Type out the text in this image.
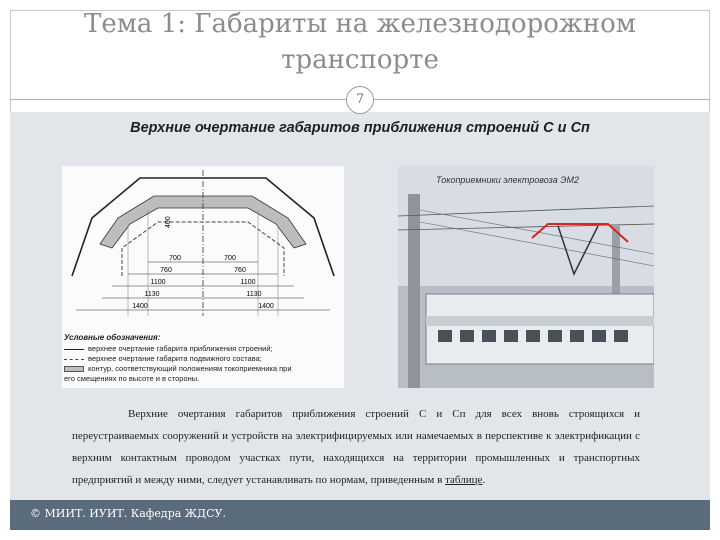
Тема 1: Габариты на железнодорожном
транспорте
7
Верхние очертание габаритов приближения строений С и Сп
700	700
760	760
1100	1100
1130	1130
1400	1400
400
Условные обозначения:
верхнее очертание габарита приближения строений;
верхнее очертание габарита подвижного состава;
контур, соответствующий положениям токоприемника при
его смещениях по высоте и в стороны.
Токоприемники электровоза ЭМ2

Верхние очертания габаритов приближения строений С и Сп для всех вновь строящихся и переустраиваемых сооружений и устройств на электрифицируемых или намечаемых в перспективе к электрификации с верхним контактным проводом участках пути, находящихся на территории промышленных и транспортных предприятий и между ними, следует устанавливать по нормам, приведенным в таблице.

© МИИТ. ИУИТ. Кафедра ЖДСУ.
